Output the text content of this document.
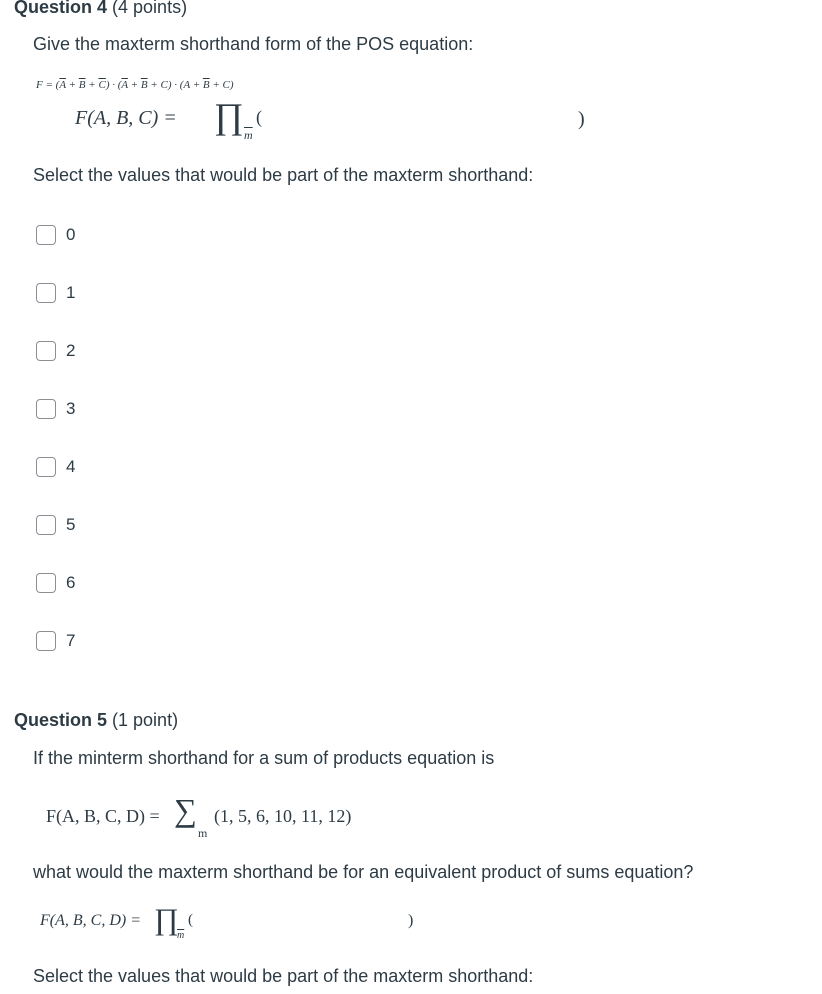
Question 4 (4 points)
Give the maxterm shorthand form of the POS equation:
$F = (\overline{A} + \overline{B} + \overline{C}) \cdot (\overline{A} + \overline{B} + C) \cdot (A + \overline{B} + C)$
F(A, B, C) = ∏ $\overline{m}$
(	)
Select the values that would be part of the maxterm shorthand:
0
1
2
3
4
5
6
7
Question 5 (1 point)
If the minterm shorthand for a sum of products equation is
F(A, B, C, D) = ∑
m
(1, 5, 6, 10, 11, 12)
what would the maxterm shorthand be for an equivalent product of sums equation?
F(A, B, C, D) = ∏
$\overline{m}$
(	)
Select the values that would be part of the maxterm shorthand:
